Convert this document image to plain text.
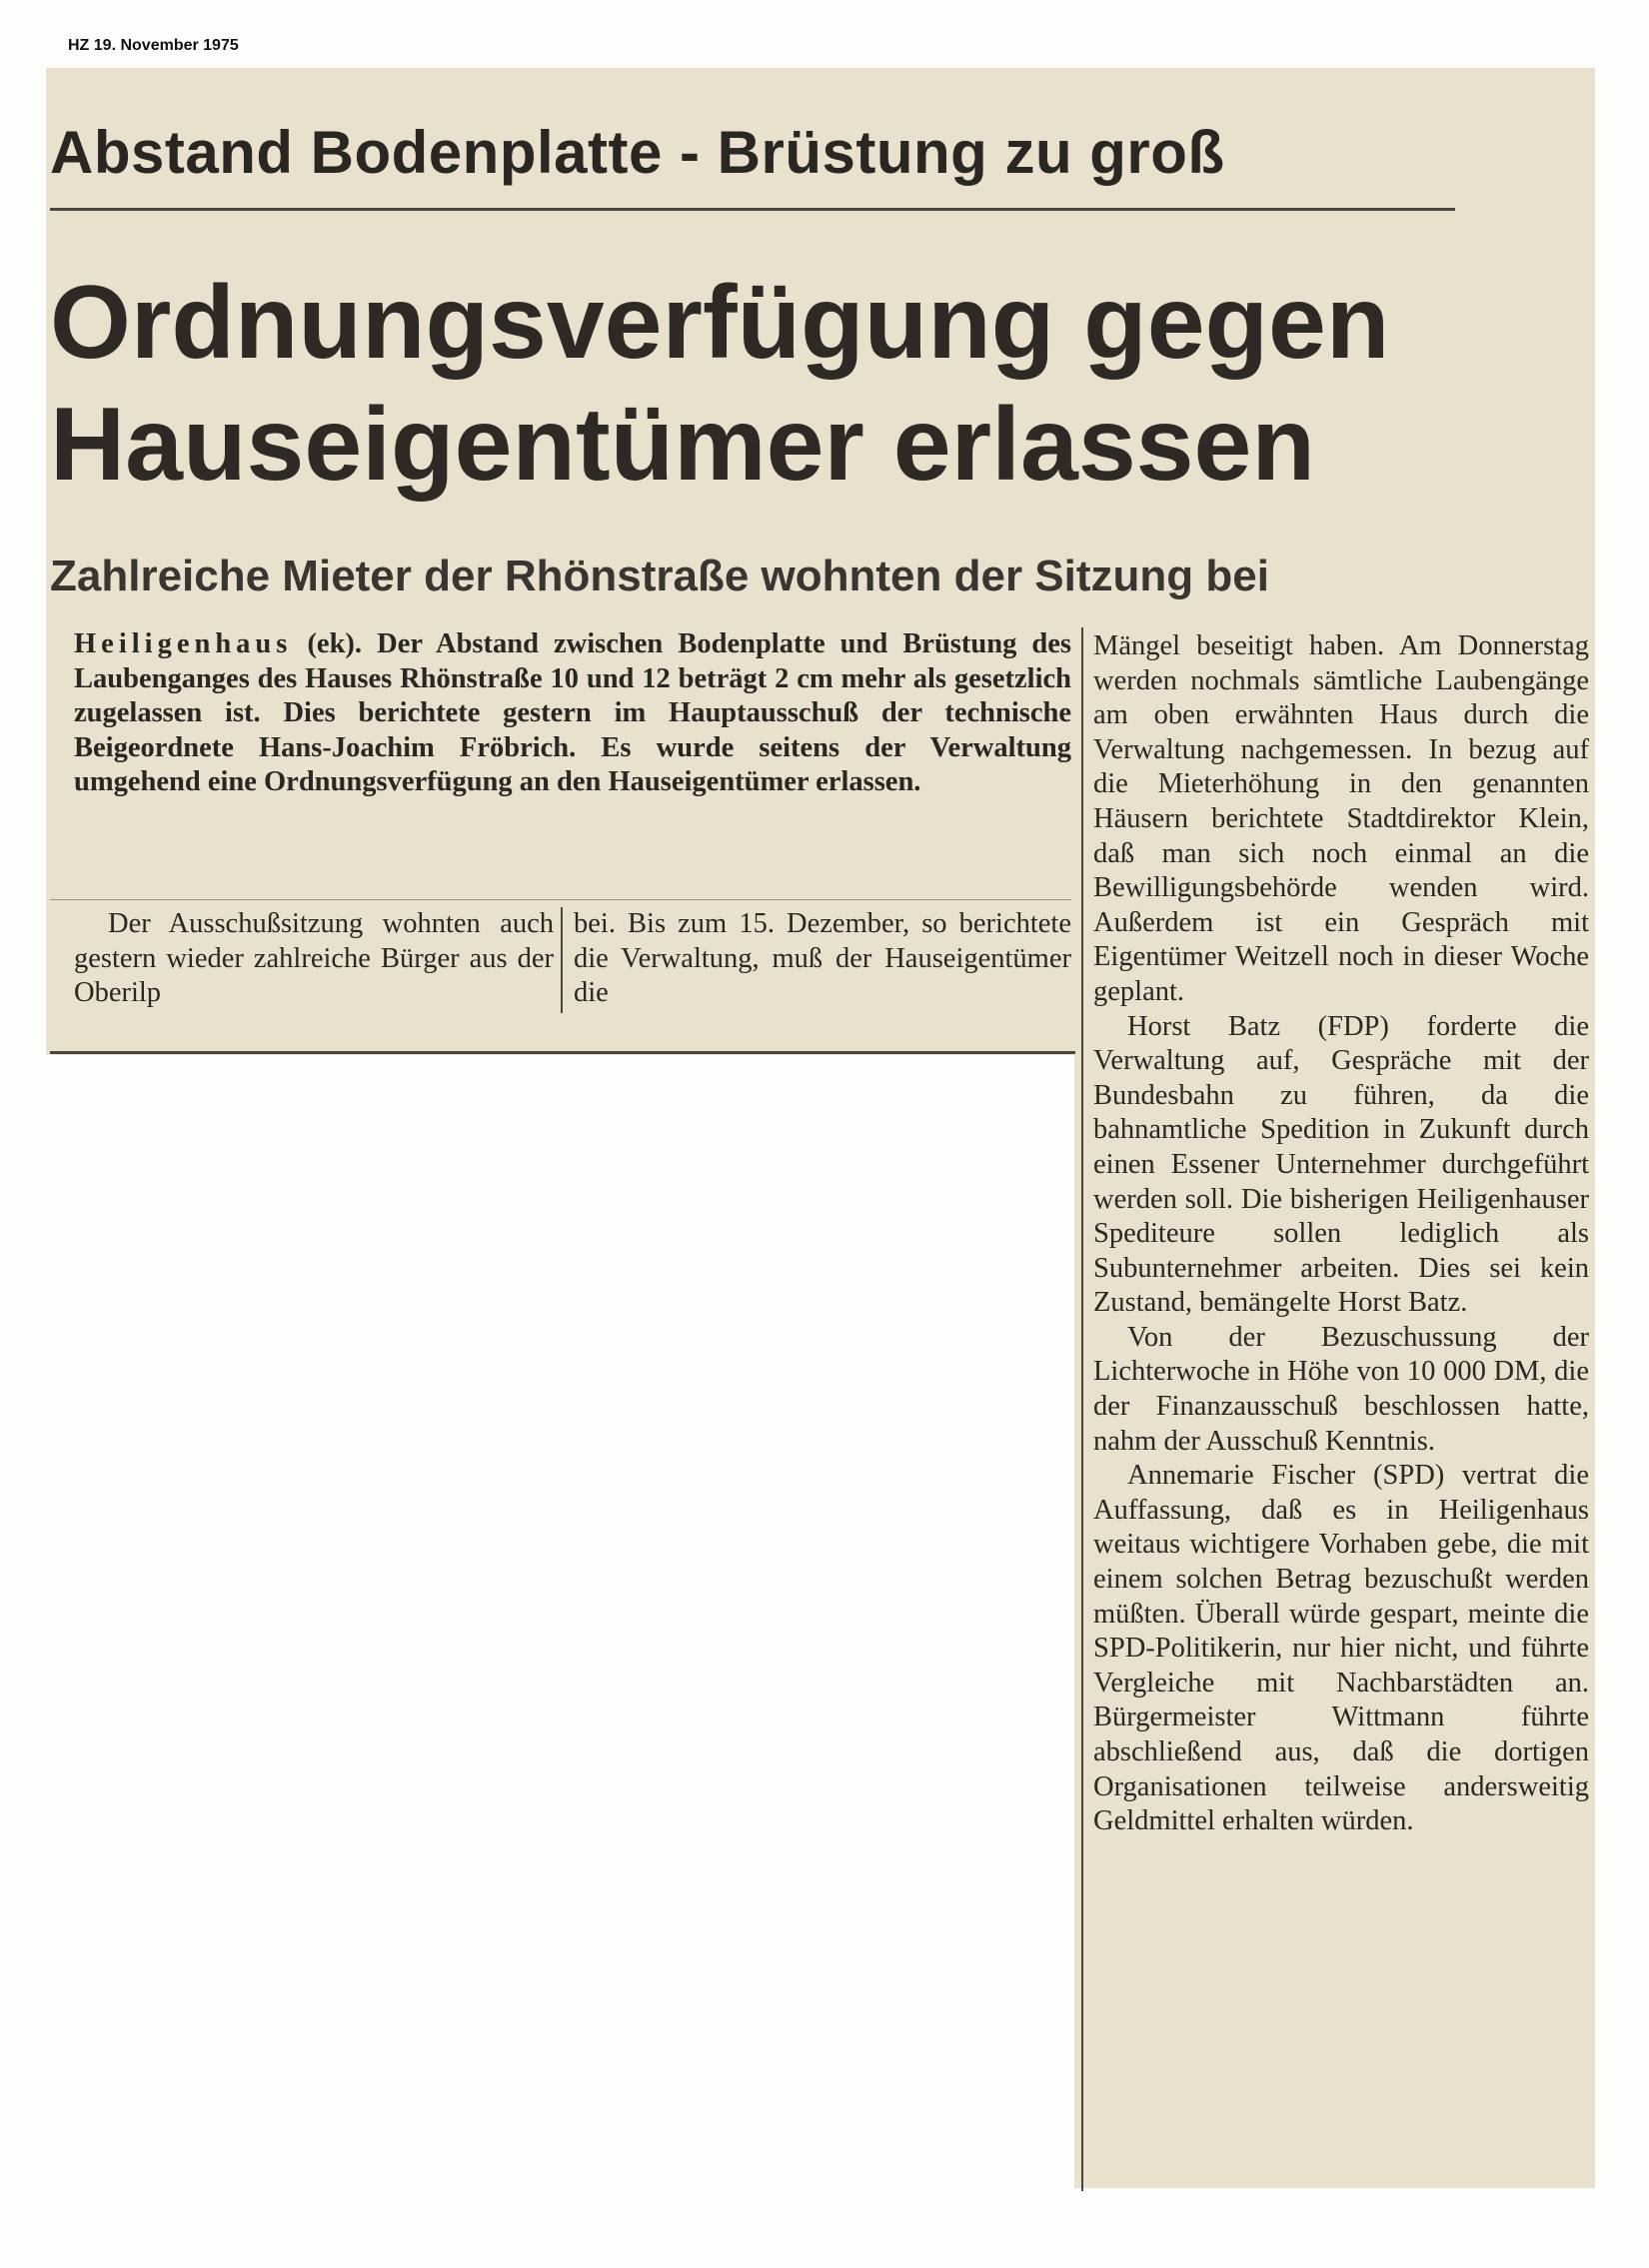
HZ 19. November 1975
Abstand Bodenplatte - Brüstung zu groß
Ordnungsverfügung gegen
Hauseigentümer erlassen
Zahlreiche Mieter der Rhönstraße wohnten der Sitzung bei
Heiligenhaus (ek). Der Abstand zwischen Bodenplatte und Brüstung des Laubenganges des Hauses Rhönstraße 10 und 12 beträgt 2 cm mehr als gesetzlich zugelassen ist. Dies berichtete gestern im Hauptausschuß der technische Beigeordnete Hans-Joachim Fröbrich. Es wurde seitens der Verwaltung umgehend eine Ordnungsverfügung an den Hauseigentümer erlassen.

Der Ausschußsitzung wohnten auch gestern wieder zahlreiche Bürger aus der Oberilp

bei. Bis zum 15. Dezember, so berichtete die Verwaltung, muß der Hauseigentümer die

Mängel beseitigt haben. Am Donnerstag werden nochmals sämtliche Laubengänge am oben erwähnten Haus durch die Verwaltung nachgemessen. In bezug auf die Mieterhöhung in den genannten Häusern berichtete Stadtdirektor Klein, daß man sich noch einmal an die Bewilligungsbehörde wenden wird. Außerdem ist ein Gespräch mit Eigentümer Weitzell noch in dieser Woche geplant.

Horst Batz (FDP) forderte die Verwaltung auf, Gespräche mit der Bundesbahn zu führen, da die bahnamtliche Spedition in Zukunft durch einen Essener Unternehmer durchgeführt werden soll. Die bisherigen Heiligenhauser Spediteure sollen lediglich als Subunternehmer arbeiten. Dies sei kein Zustand, bemängelte Horst Batz.

Von der Bezuschussung der Lichterwoche in Höhe von 10 000 DM, die der Finanzausschuß beschlossen hatte, nahm der Ausschuß Kenntnis.

Annemarie Fischer (SPD) vertrat die Auffassung, daß es in Heiligenhaus weitaus wichtigere Vorhaben gebe, die mit einem solchen Betrag bezuschußt werden müßten. Überall würde gespart, meinte die SPD-Politikerin, nur hier nicht, und führte Vergleiche mit Nachbarstädten an. Bürgermeister Wittmann führte abschließend aus, daß die dortigen Organisationen teilweise andersweitig Geldmittel erhalten würden.
